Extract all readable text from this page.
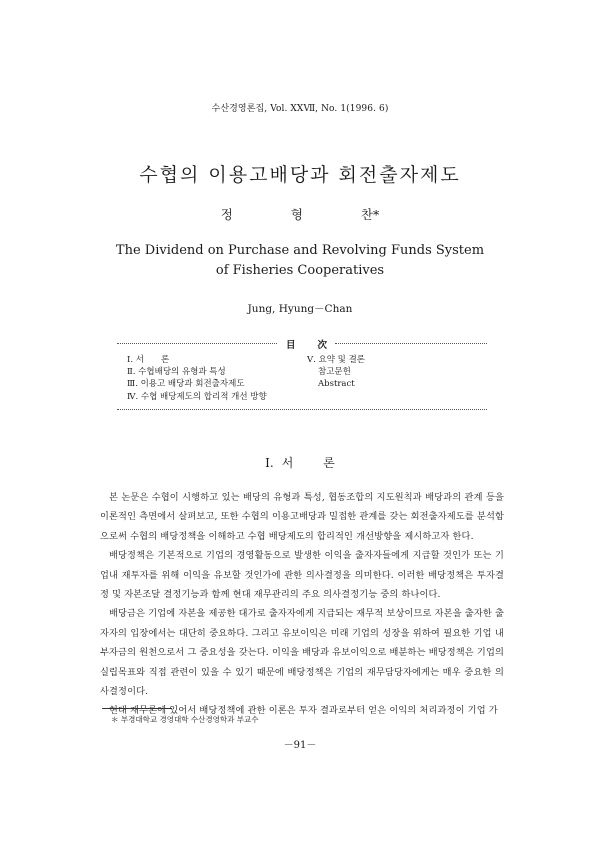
수산경영론집, Vol. XXⅦ, No. 1(1996. 6)
수협의 이용고배당과 회전출자제도
정	형	찬*
The Dividend on Purchase and Revolving Funds System
of Fisheries Cooperatives
Jung, Hyung－Chan
目 次
Ⅰ. 서　　론
Ⅱ. 수협배당의 유형과 특성
Ⅲ. 이용고 배당과 회전출자제도
Ⅳ. 수협 배당제도의 합리적 개선 방향
Ⅴ. 요약 및 결론
참고문헌
Abstract
Ⅰ. 서	론

본 논문은 수협이 시행하고 있는 배당의 유형과 특성, 협동조합의 지도원칙과 배당과의 관계 등을 이론적인 측면에서 살펴보고, 또한 수협의 이용고배당과 밀접한 관계를 갖는 회전출자제도를 분석함으로써 수협의 배당정책을 이해하고 수협 배당제도의 합리적인 개선방향을 제시하고자 한다.

배당정책은 기본적으로 기업의 경영활동으로 발생한 이익을 출자자들에게 지급할 것인가 또는 기업내 재투자를 위해 이익을 유보할 것인가에 관한 의사결정을 의미한다. 이러한 배당정책은 투자결정 및 자본조달 결정기능과 함께 현대 재무관리의 주요 의사결정기능 중의 하나이다.

배당금은 기업에 자본을 제공한 대가로 출자자에게 지급되는 재무적 보상이므로 자본을 출자한 출자자의 입장에서는 대단히 중요하다. 그리고 유보이익은 미래 기업의 성장을 위하여 필요한 기업 내부자금의 원천으로서 그 중요성을 갖는다. 이익을 배당과 유보이익으로 배분하는 배당정책은 기업의 실립목표와 직접 관련이 있을 수 있기 때문에 배당정책은 기업의 재무담당자에게는 매우 중요한 의사결정이다.

현대 재무론에 있어서 배당정책에 관한 이론은 투자 결과로부터 얻은 이익의 처리과정이 기업 가

＊ 부경대학교 경영대학 수산경영학과 부교수
－91－
